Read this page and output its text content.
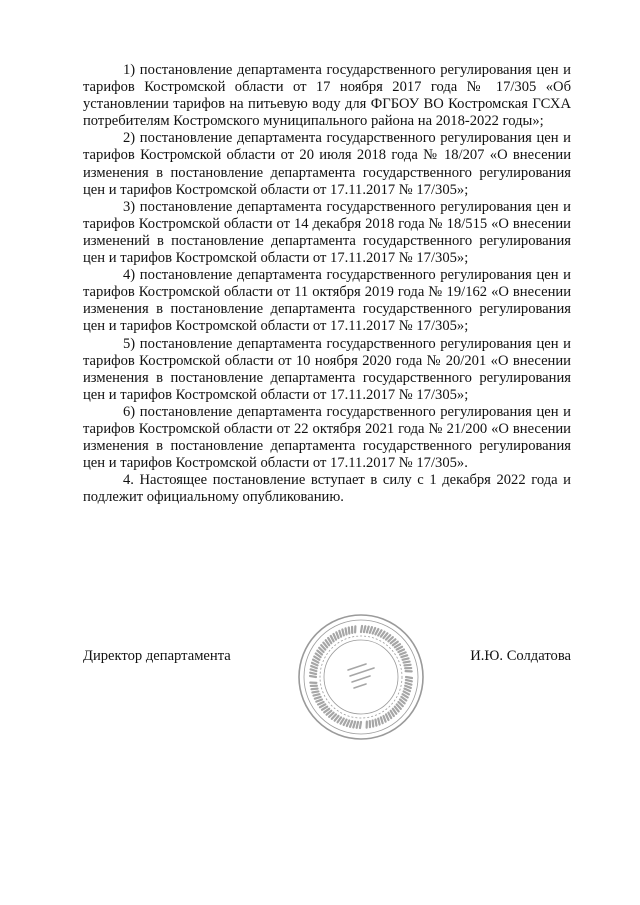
1) постановление департамента государственного регулирования цен и тарифов Костромской области от 17 ноября 2017 года № 17/305 «Об установлении тарифов на питьевую воду для ФГБОУ ВО Костромская ГСХА потребителям Костромского муниципального района на 2018-2022 годы»;

2) постановление департамента государственного регулирования цен и тарифов Костромской области от 20 июля 2018 года № 18/207 «О внесении изменения в постановление департамента государственного регулирования цен и тарифов Костромской области от 17.11.2017 № 17/305»;

3) постановление департамента государственного регулирования цен и тарифов Костромской области от 14 декабря 2018 года № 18/515 «О внесении изменений в постановление департамента государственного регулирования цен и тарифов Костромской области от 17.11.2017 № 17/305»;

4) постановление департамента государственного регулирования цен и тарифов Костромской области от 11 октября 2019 года № 19/162 «О внесении изменения в постановление департамента государственного регулирования цен и тарифов Костромской области от 17.11.2017 № 17/305»;

5) постановление департамента государственного регулирования цен и тарифов Костромской области от 10 ноября 2020 года № 20/201 «О внесении изменения в постановление департамента государственного регулирования цен и тарифов Костромской области от 17.11.2017 № 17/305»;

6) постановление департамента государственного регулирования цен и тарифов Костромской области от 22 октября 2021 года № 21/200 «О внесении изменения в постановление департамента государственного регулирования цен и тарифов Костромской области от 17.11.2017 № 17/305».

4. Настоящее постановление вступает в силу с 1 декабря 2022 года и подлежит официальному опубликованию.

Директор департамента	И.Ю. Солдатова
